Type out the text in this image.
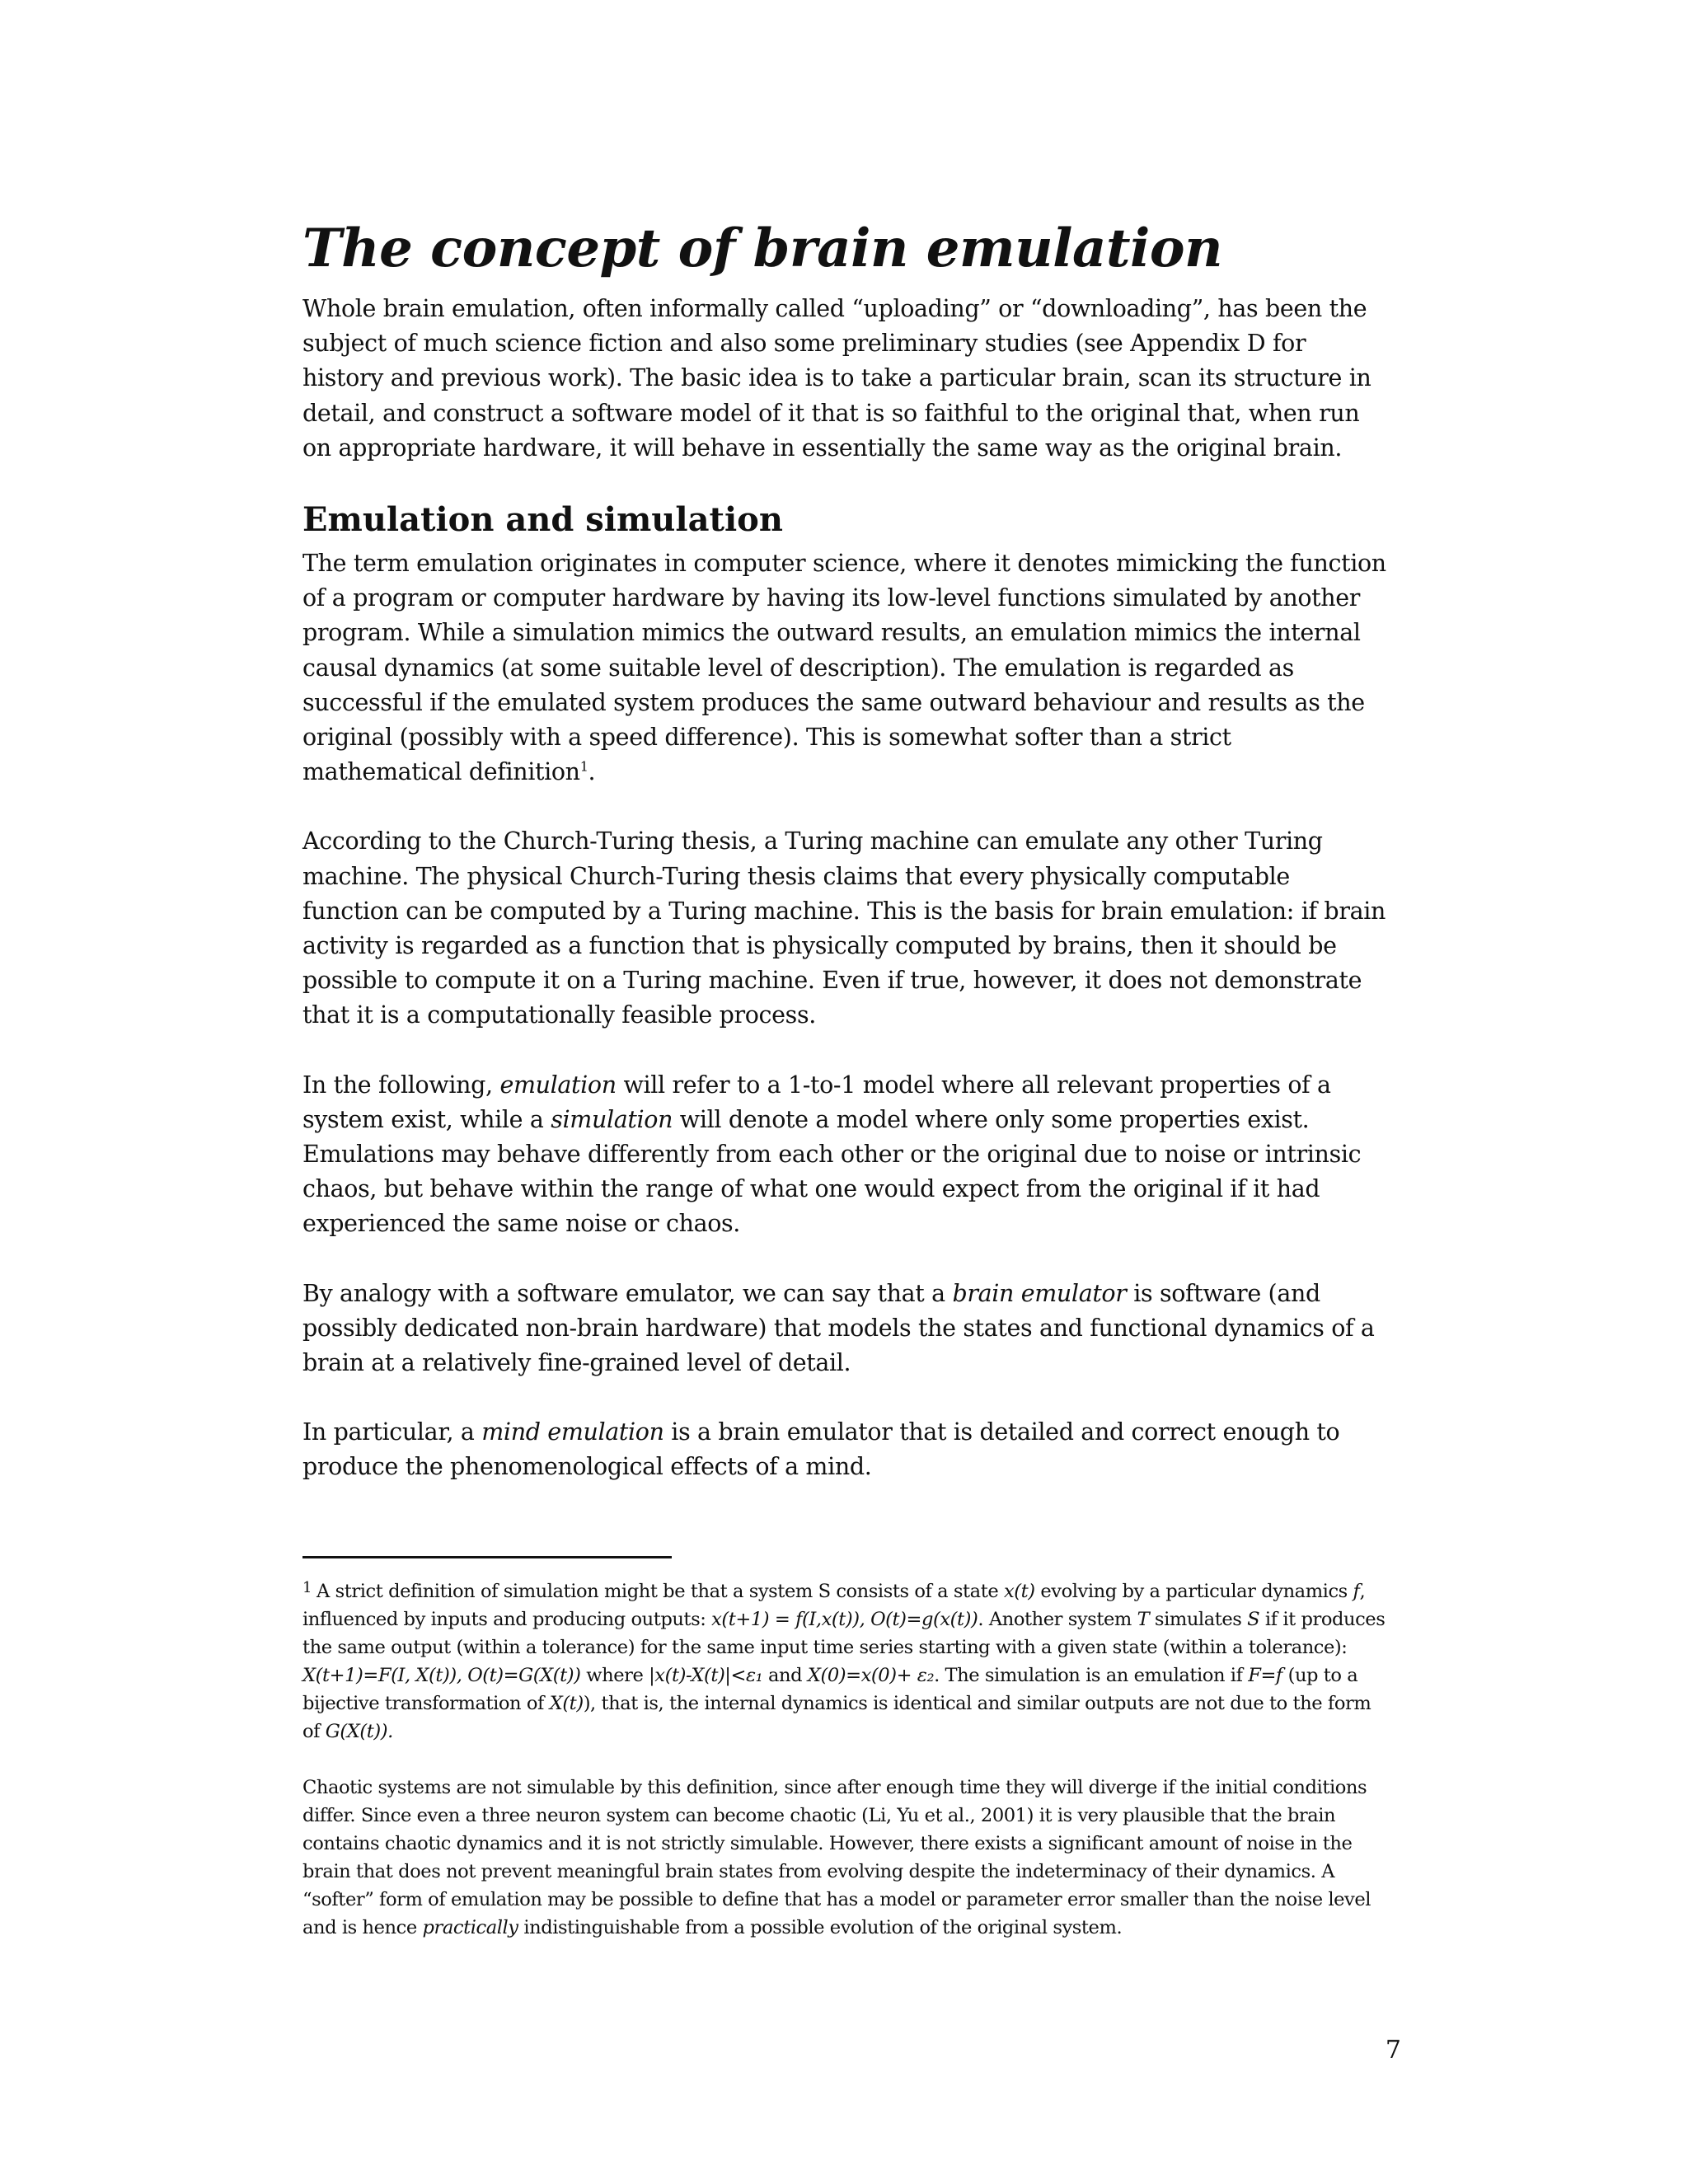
The concept of brain emulation

Whole brain emulation, often informally called “uploading” or “downloading”, has been the subject of much science fiction and also some preliminary studies (see Appendix D for history and previous work). The basic idea is to take a particular brain, scan its structure in detail, and construct a software model of it that is so faithful to the original that, when run on appropriate hardware, it will behave in essentially the same way as the original brain.

Emulation and simulation

The term emulation originates in computer science, where it denotes mimicking the function of a program or computer hardware by having its low-level functions simulated by another program. While a simulation mimics the outward results, an emulation mimics the internal causal dynamics (at some suitable level of description). The emulation is regarded as successful if the emulated system produces the same outward behaviour and results as the original (possibly with a speed difference). This is somewhat softer than a strict mathematical definition$^1$.

According to the Church-Turing thesis, a Turing machine can emulate any other Turing machine. The physical Church-Turing thesis claims that every physically computable function can be computed by a Turing machine. This is the basis for brain emulation: if brain activity is regarded as a function that is physically computed by brains, then it should be possible to compute it on a Turing machine. Even if true, however, it does not demonstrate that it is a computationally feasible process.

In the following, emulation will refer to a 1-to-1 model where all relevant properties of a system exist, while a simulation will denote a model where only some properties exist. Emulations may behave differently from each other or the original due to noise or intrinsic chaos, but behave within the range of what one would expect from the original if it had experienced the same noise or chaos.

By analogy with a software emulator, we can say that a brain emulator is software (and possibly dedicated non-brain hardware) that models the states and functional dynamics of a brain at a relatively fine-grained level of detail.

In particular, a mind emulation is a brain emulator that is detailed and correct enough to produce the phenomenological effects of a mind.

$^1$ A strict definition of simulation might be that a system S consists of a state x(t) evolving by a particular dynamics f, influenced by inputs and producing outputs: x(t+1) = f(I,x(t)), O(t)=g(x(t)). Another system T simulates S if it produces the same output (within a tolerance) for the same input time series starting with a given state (within a tolerance): X(t+1)=F(I, X(t)), O(t)=G(X(t)) where |x(t)-X(t)|<ε₁ and X(0)=x(0)+ ε₂. The simulation is an emulation if F=f (up to a bijective transformation of X(t)), that is, the internal dynamics is identical and similar outputs are not due to the form of G(X(t)).

Chaotic systems are not simulable by this definition, since after enough time they will diverge if the initial conditions differ. Since even a three neuron system can become chaotic (Li, Yu et al., 2001) it is very plausible that the brain contains chaotic dynamics and it is not strictly simulable. However, there exists a significant amount of noise in the brain that does not prevent meaningful brain states from evolving despite the indeterminacy of their dynamics. A “softer” form of emulation may be possible to define that has a model or parameter error smaller than the noise level and is hence practically indistinguishable from a possible evolution of the original system.

7
